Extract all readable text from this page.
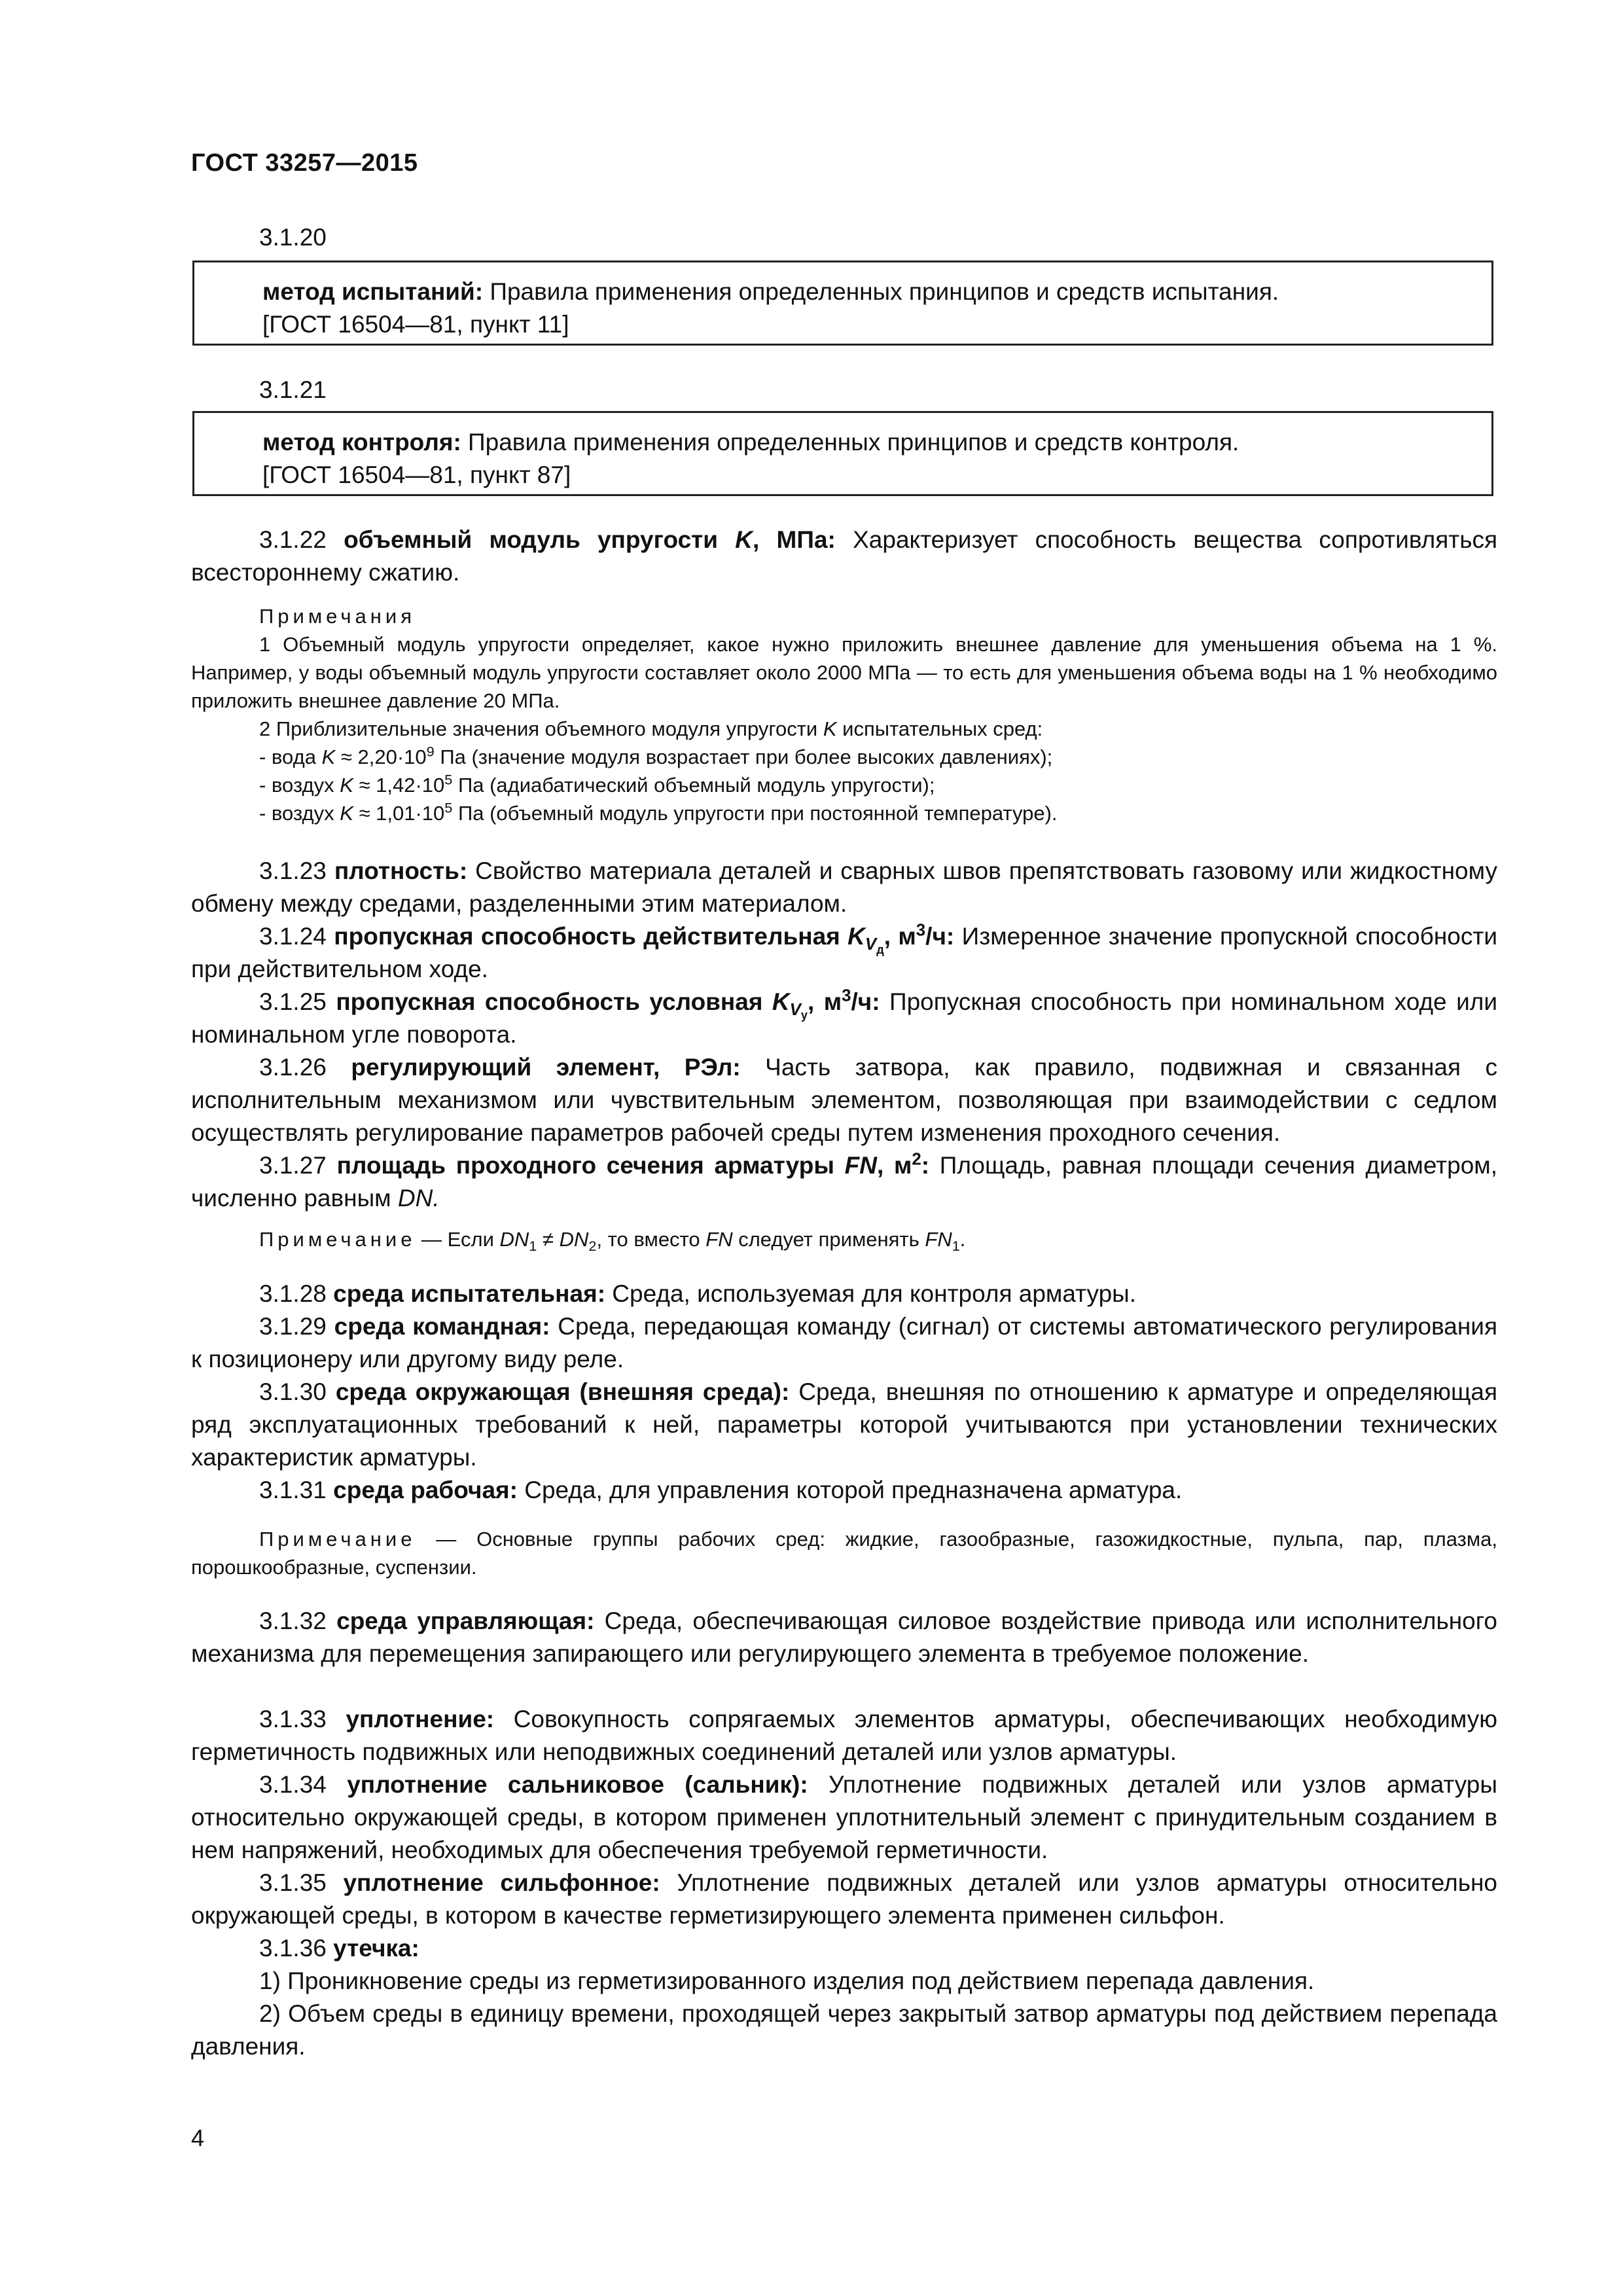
ГОСТ 33257—2015
3.1.20
метод испытаний: Правила применения определенных принципов и средств испытания.
[ГОСТ 16504—81, пункт 11]
3.1.21
метод контроля: Правила применения определенных принципов и средств контроля.
[ГОСТ 16504—81, пункт 87]
3.1.22 объемный модуль упругости K, МПа: Характеризует способность вещества сопротивляться всестороннему сжатию.
Примечания
1 Объемный модуль упругости определяет, какое нужно приложить внешнее давление для уменьшения объема на 1 %. Например, у воды объемный модуль упругости составляет около 2000 МПа — то есть для уменьшения объема воды на 1 % необходимо приложить внешнее давление 20 МПа.
2 Приблизительные значения объемного модуля упругости K испытательных сред:
- вода $K \approx 2,20\cdot 10^9$ Па (значение модуля возрастает при более высоких давлениях);
- воздух $K \approx 1,42\cdot 10^5$ Па (адиабатический объемный модуль упругости);
- воздух $K \approx 1,01\cdot 10^5$ Па (объемный модуль упругости при постоянной температуре).
3.1.23 плотность: Свойство материала деталей и сварных швов препятствовать газовому или жидкостному обмену между средами, разделенными этим материалом.
3.1.24 пропускная способность действительная $K_{V_д}$, $м^3/ч$: Измеренное значение пропускной способности при действительном ходе.
3.1.25 пропускная способность условная $K_{V_у}$, $м^3/ч$: Пропускная способность при номинальном ходе или номинальном угле поворота.
3.1.26 регулирующий элемент, РЭл: Часть затвора, как правило, подвижная и связанная с исполнительным механизмом или чувствительным элементом, позволяющая при взаимодействии с седлом осуществлять регулирование параметров рабочей среды путем изменения проходного сечения.
3.1.27 площадь проходного сечения арматуры FN, $м^2$: Площадь, равная площади сечения диаметром, численно равным DN.
Примечание — Если $DN_1 \ne DN_2$, то вместо FN следует применять $FN_1$.
3.1.28 среда испытательная: Среда, используемая для контроля арматуры.
3.1.29 среда командная: Среда, передающая команду (сигнал) от системы автоматического регулирования к позиционеру или другому виду реле.
3.1.30 среда окружающая (внешняя среда): Среда, внешняя по отношению к арматуре и определяющая ряд эксплуатационных требований к ней, параметры которой учитываются при установлении технических характеристик арматуры.
3.1.31 среда рабочая: Среда, для управления которой предназначена арматура.
Примечание — Основные группы рабочих сред: жидкие, газообразные, газожидкостные, пульпа, пар, плазма, порошкообразные, суспензии.
3.1.32 среда управляющая: Среда, обеспечивающая силовое воздействие привода или исполнительного механизма для перемещения запирающего или регулирующего элемента в требуемое положение.
3.1.33 уплотнение: Совокупность сопрягаемых элементов арматуры, обеспечивающих необходимую герметичность подвижных или неподвижных соединений деталей или узлов арматуры.
3.1.34 уплотнение сальниковое (сальник): Уплотнение подвижных деталей или узлов арматуры относительно окружающей среды, в котором применен уплотнительный элемент с принудительным созданием в нем напряжений, необходимых для обеспечения требуемой герметичности.
3.1.35 уплотнение сильфонное: Уплотнение подвижных деталей или узлов арматуры относительно окружающей среды, в котором в качестве герметизирующего элемента применен сильфон.
3.1.36 утечка:
1) Проникновение среды из герметизированного изделия под действием перепада давления.
2) Объем среды в единицу времени, проходящей через закрытый затвор арматуры под действием перепада давления.
4
